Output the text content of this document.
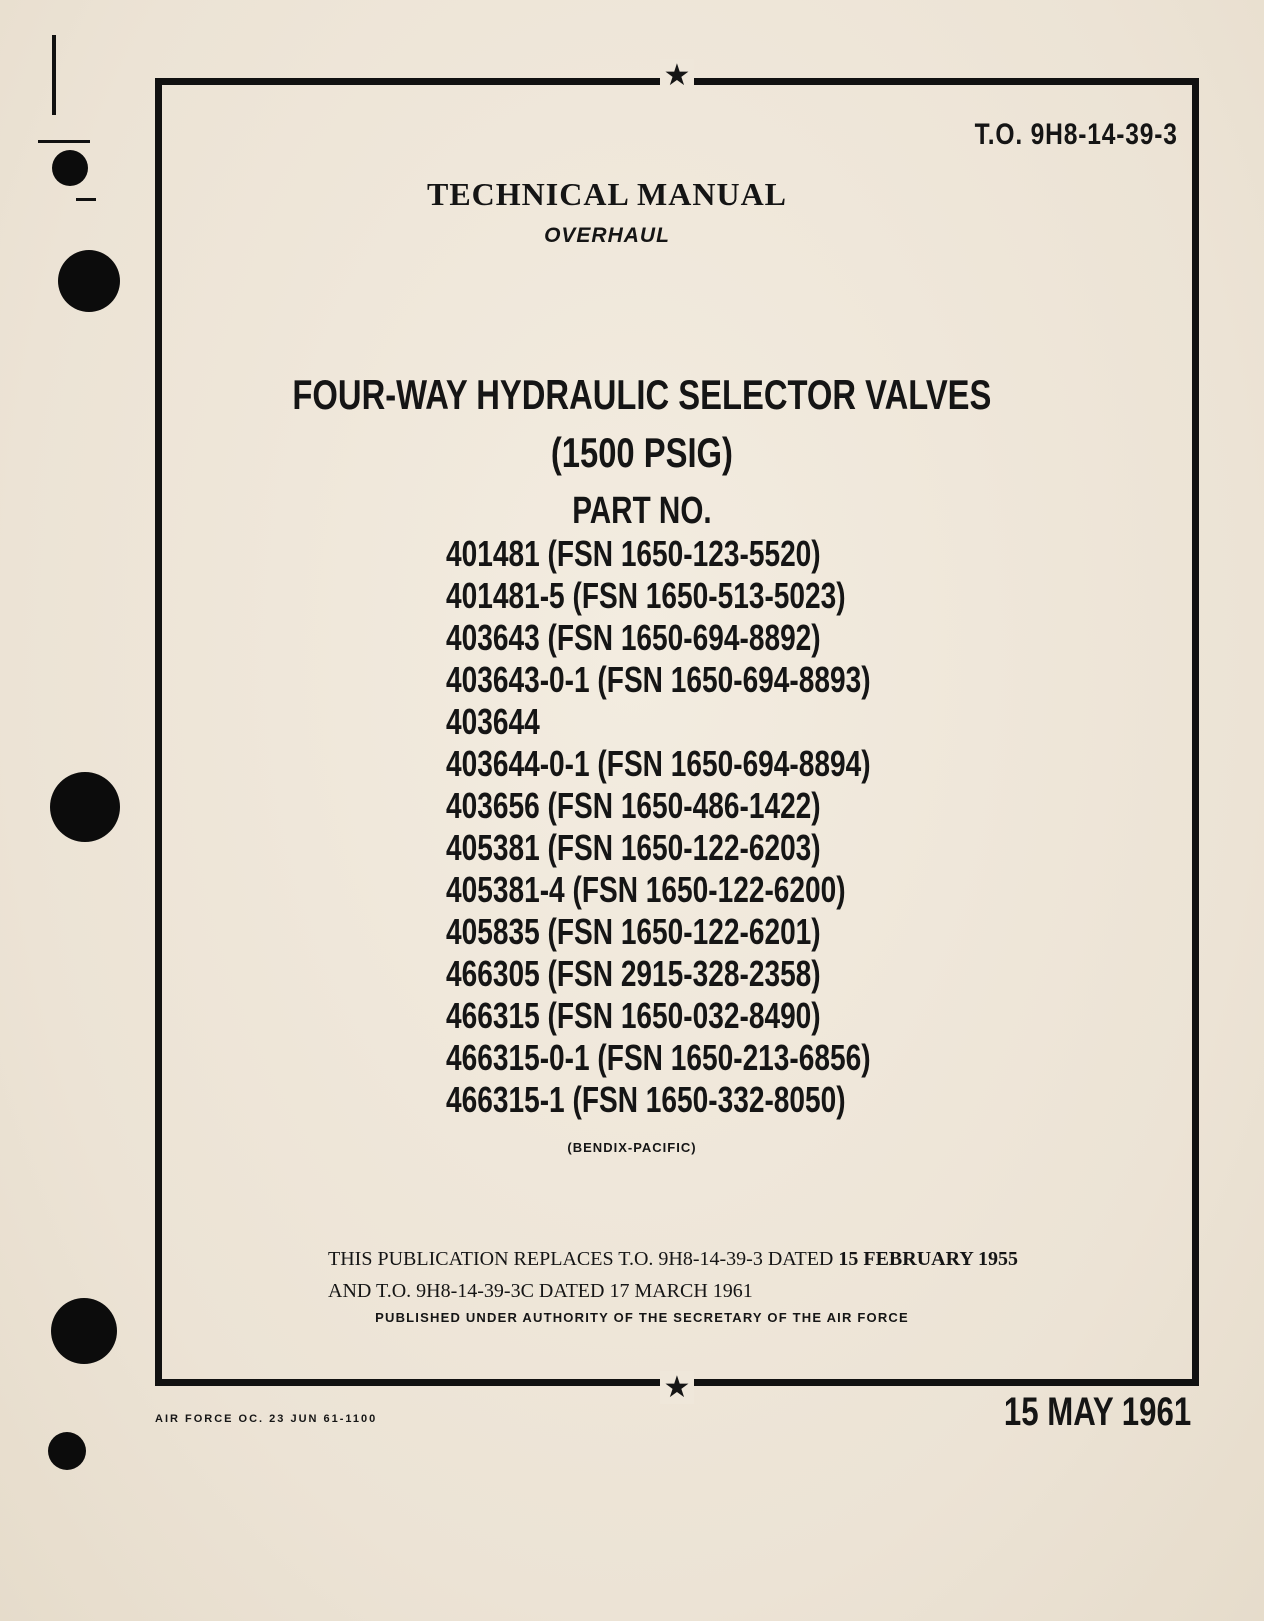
★
★
T.O. 9H8-14-39-3
TECHNICAL MANUAL
OVERHAUL
FOUR-WAY HYDRAULIC SELECTOR VALVES
(1500 PSIG)
PART NO.
401481 (FSN 1650-123-5520)
401481-5 (FSN 1650-513-5023)
403643 (FSN 1650-694-8892)
403643-0-1 (FSN 1650-694-8893)
403644
403644-0-1 (FSN 1650-694-8894)
403656 (FSN 1650-486-1422)
405381 (FSN 1650-122-6203)
405381-4 (FSN 1650-122-6200)
405835 (FSN 1650-122-6201)
466305 (FSN 2915-328-2358)
466315 (FSN 1650-032-8490)
466315-0-1 (FSN 1650-213-6856)
466315-1 (FSN 1650-332-8050)
(BENDIX-PACIFIC)
THIS PUBLICATION REPLACES T.O. 9H8-14-39-3 DATED 15 FEBRUARY 1955
AND T.O. 9H8-14-39-3C DATED 17 MARCH 1961
PUBLISHED UNDER AUTHORITY OF THE SECRETARY OF THE AIR FORCE
AIR FORCE OC. 23 JUN 61-1100	15 MAY 1961
